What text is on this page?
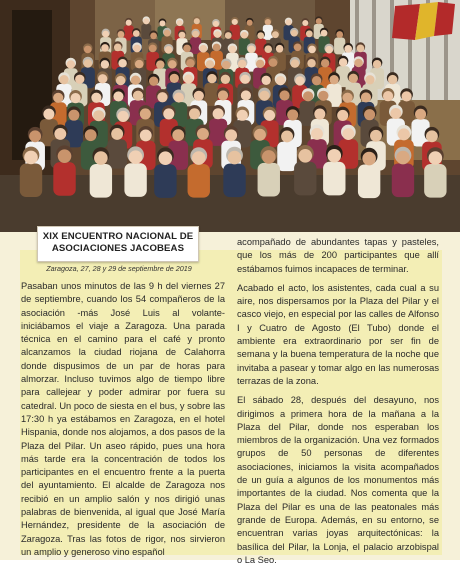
XIX ENCUENTRO NACIONAL DE
ASOCIACIONES JACOBEAS
Zaragoza, 27, 28 y 29 de septiembre de 2019

Pasaban unos minutos de las 9 h del viernes 27 de septiembre, cuando los 54 compañeros de la asociación -más José Luis al volante- iniciábamos el viaje a Zaragoza. Una parada técnica en el camino para el café y pronto alcanzamos la ciudad riojana de Calahorra donde dispusimos de un par de horas para almorzar. Incluso tuvimos algo de tiempo libre para callejear y poder admirar por fuera su catedral. Un poco de siesta en el bus, y sobre las 17:30 h ya estábamos en Zaragoza, en el hotel Hispania, donde nos alojamos, a dos pasos de la Plaza del Pilar. Un aseo rápido, pues una hora más tarde era la concentración de todos los participantes en el encuentro frente a la puerta del ayuntamiento. El alcalde de Zaragoza nos recibió en un amplio salón y nos dirigió unas palabras de bienvenida, al igual que José María Hernández, presidente de la asociación de Zaragoza. Tras las fotos de rigor, nos sirvieron un amplio y generoso vino español

acompañado de abundantes tapas y pasteles, que los más de 200 participantes que allí estábamos fuimos incapaces de terminar.

Acabado el acto, los asistentes, cada cual a su aire, nos dispersamos por la Plaza del Pilar y el casco viejo, en especial por las calles de Alfonso I y Cuatro de Agosto (El Tubo) donde el ambiente era extraordinario por ser fin de semana y la buena temperatura de la noche que invitaba a pasear y tomar algo en las numerosas terrazas de la zona.

El sábado 28, después del desayuno, nos dirigimos a primera hora de la mañana a la Plaza del Pilar, donde nos esperaban los miembros de la organización. Una vez formados grupos de 50 personas de diferentes asociaciones, iniciamos la visita acompañados de un guía a algunos de los monumentos más importantes de la ciudad. Nos comenta que la Plaza del Pilar es una de las peatonales más grande de Europa. Además, en su entorno, se encuentran varias joyas arquitectónicas: la basílica del Pilar, la Lonja, el palacio arzobispal o La Seo.
